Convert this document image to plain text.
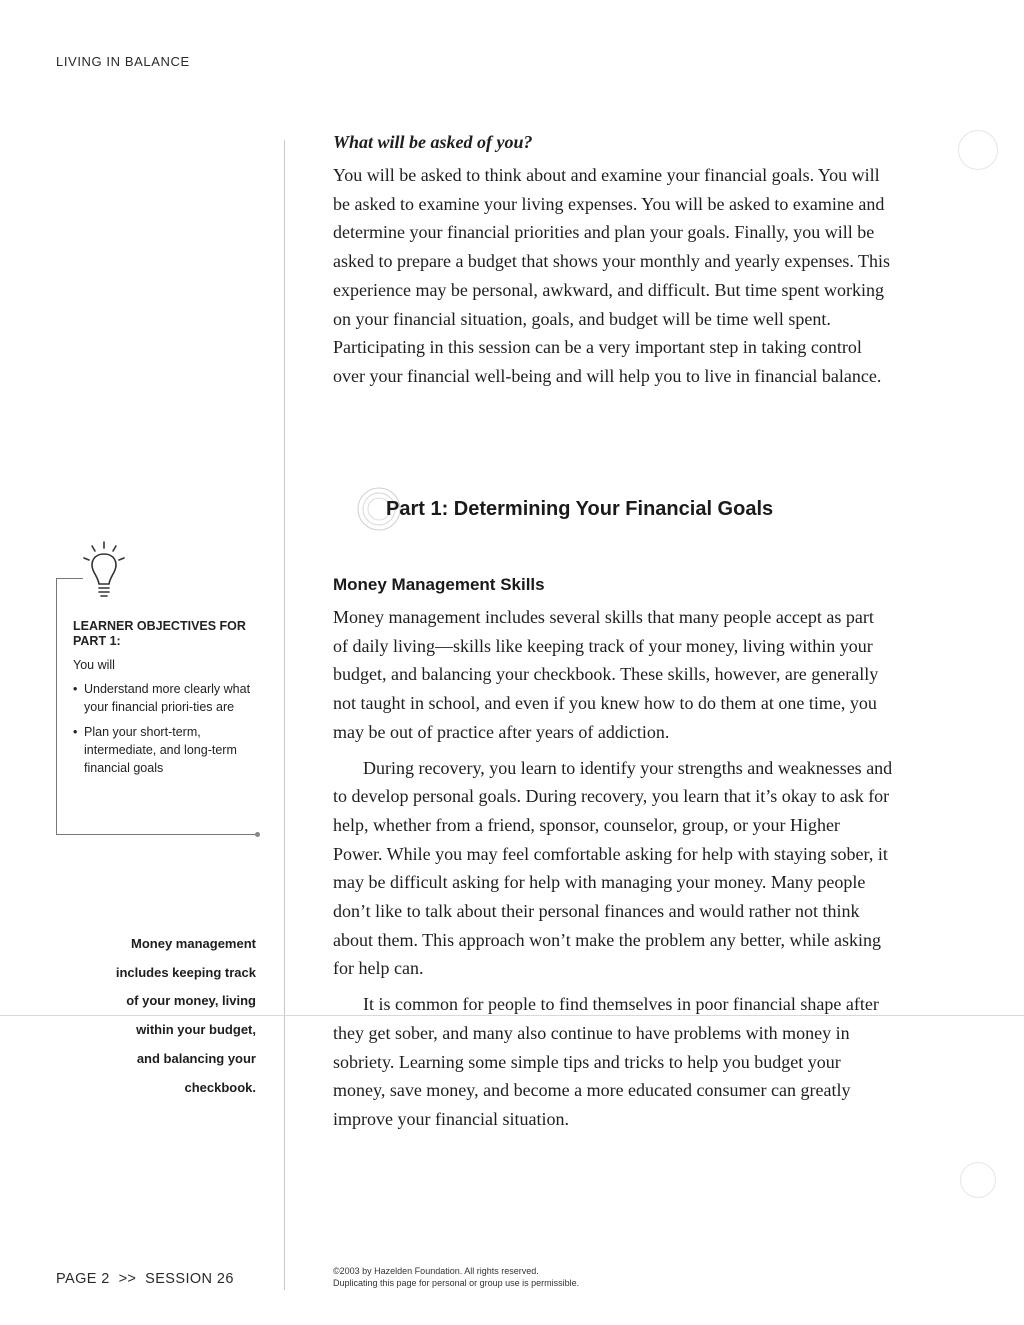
LIVING IN BALANCE

What will be asked of you?

You will be asked to think about and examine your financial goals. You will be asked to examine your living expenses. You will be asked to examine and determine your financial priorities and plan your goals. Finally, you will be asked to prepare a budget that shows your monthly and yearly expenses. This experience may be personal, awkward, and difficult. But time spent working on your financial situation, goals, and budget will be time well spent. Participating in this session can be a very important step in taking control over your financial well-being and will help you to live in financial balance.

Part 1: Determining Your Financial Goals

Money Management Skills

Money management includes several skills that many people accept as part of daily living—skills like keeping track of your money, living within your budget, and balancing your checkbook. These skills, however, are generally not taught in school, and even if you knew how to do them at one time, you may be out of practice after years of addiction.

During recovery, you learn to identify your strengths and weaknesses and to develop personal goals. During recovery, you learn that it’s okay to ask for help, whether from a friend, sponsor, counselor, group, or your Higher Power. While you may feel comfortable asking for help with staying sober, it may be difficult asking for help with managing your money. Many people don’t like to talk about their personal finances and would rather not think about them. This approach won’t make the problem any better, while asking for help can.

It is common for people to find themselves in poor financial shape after they get sober, and many also continue to have problems with money in sobriety. Learning some simple tips and tricks to help you budget your money, save money, and become a more educated consumer can greatly improve your financial situation.

LEARNER OBJECTIVES FOR PART 1:

You will

• Understand more clearly what your financial priori-ties are
• Plan your short-term, intermediate, and long-term financial goals
Money management
includes keeping track
of your money, living
within your budget,
and balancing your
checkbook.
PAGE 2  >>  SESSION 26	©2003 by Hazelden Foundation. All rights reserved.
Duplicating this page for personal or group use is permissible.
